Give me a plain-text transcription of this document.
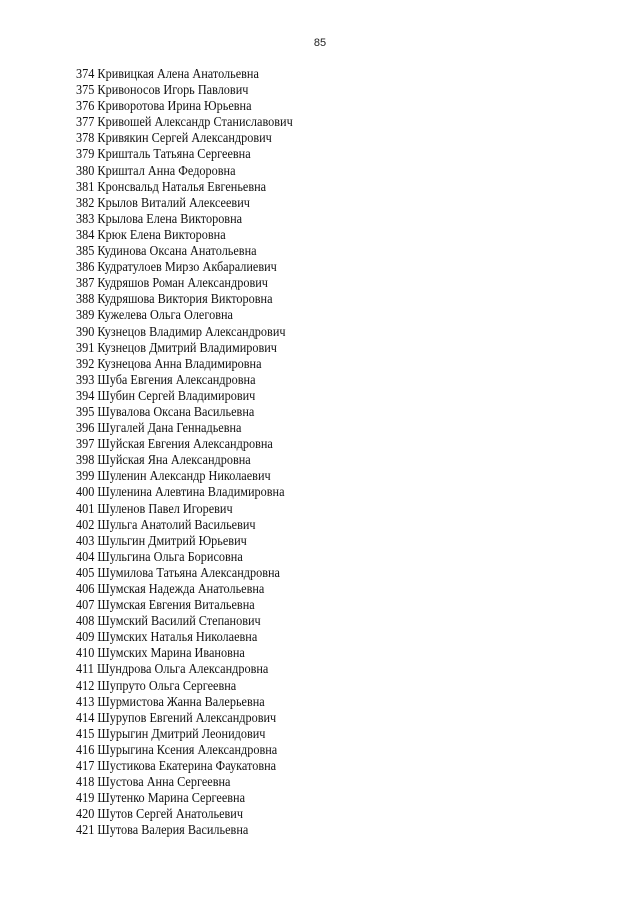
85
374 Кривицкая Алена Анатольевна
375 Кривоносов Игорь Павлович
376 Криворотова Ирина Юрьевна
377 Кривошей Александр Станиславович
378 Кривякин Сергей Александрович
379 Кришталь Татьяна Сергеевна
380 Криштал Анна Федоровна
381 Кронсвальд Наталья Евгеньевна
382 Крылов Виталий Алексеевич
383 Крылова Елена Викторовна
384 Крюк Елена Викторовна
385 Кудинова Оксана Анатольевна
386 Кудратулоев Мирзо Акбаралиевич
387 Кудряшов Роман Александрович
388 Кудряшова Виктория Викторовна
389 Кужелева Ольга Олеговна
390 Кузнецов Владимир Александрович
391 Кузнецов Дмитрий Владимирович
392 Кузнецова Анна Владимировна
393 Шуба Евгения Александровна
394 Шубин Сергей Владимирович
395 Шувалова Оксана Васильевна
396 Шугалей Дана Геннадьевна
397 Шуйская Евгения Александровна
398 Шуйская Яна Александровна
399 Шуленин Александр Николаевич
400 Шуленина Алевтина Владимировна
401 Шуленов Павел Игоревич
402 Шульга Анатолий Васильевич
403 Шульгин Дмитрий Юрьевич
404 Шульгина Ольга Борисовна
405 Шумилова Татьяна Александровна
406 Шумская Надежда Анатольевна
407 Шумская Евгения Витальевна
408 Шумский Василий Степанович
409 Шумских Наталья Николаевна
410 Шумских Марина Ивановна
411 Шундрова Ольга Александровна
412 Шупруто Ольга Сергеевна
413 Шурмистова Жанна Валерьевна
414 Шурупов Евгений Александрович
415 Шурыгин Дмитрий Леонидович
416 Шурыгина Ксения Александровна
417 Шустикова Екатерина Фаукатовна
418 Шустова Анна Сергеевна
419 Шутенко Марина Сергеевна
420 Шутов Сергей Анатольевич
421 Шутова Валерия Васильевна
